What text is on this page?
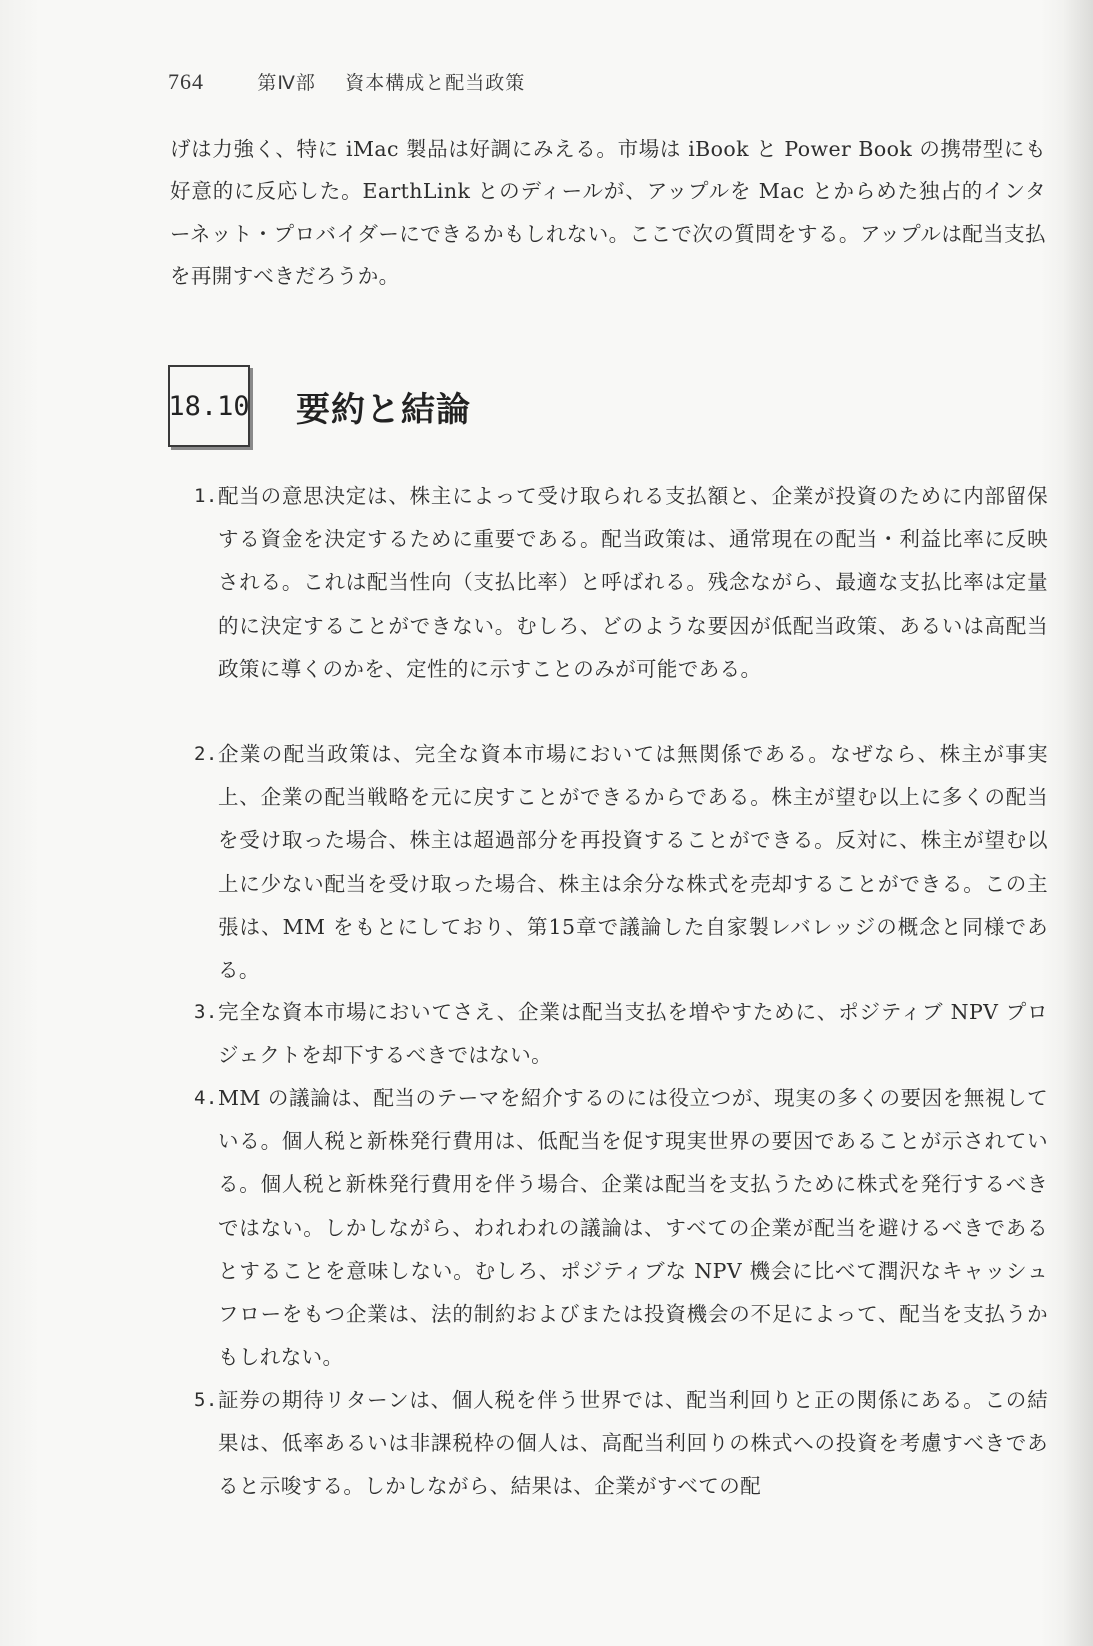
764	第Ⅳ部 資本構成と配当政策
げは力強く、特に iMac 製品は好調にみえる。市場は iBook と Power Book の携帯型にも好意的に反応した。EarthLink とのディールが、アップルを Mac とからめた独占的インターネット・プロバイダーにできるかもしれない。ここで次の質問をする。アップルは配当支払を再開すべきだろうか。
18.10 要約と結論
1. 配当の意思決定は、株主によって受け取られる支払額と、企業が投資のために内部留保する資金を決定するために重要である。配当政策は、通常現在の配当・利益比率に反映される。これは配当性向（支払比率）と呼ばれる。残念ながら、最適な支払比率は定量的に決定することができない。むしろ、どのような要因が低配当政策、あるいは高配当政策に導くのかを、定性的に示すことのみが可能である。
2. 企業の配当政策は、完全な資本市場においては無関係である。なぜなら、株主が事実上、企業の配当戦略を元に戻すことができるからである。株主が望む以上に多くの配当を受け取った場合、株主は超過部分を再投資することができる。反対に、株主が望む以上に少ない配当を受け取った場合、株主は余分な株式を売却することができる。この主張は、MM をもとにしており、第15章で議論した自家製レバレッジの概念と同様である。
3. 完全な資本市場においてさえ、企業は配当支払を増やすために、ポジティブ NPV プロジェクトを却下するべきではない。
4. MM の議論は、配当のテーマを紹介するのには役立つが、現実の多くの要因を無視している。個人税と新株発行費用は、低配当を促す現実世界の要因であることが示されている。個人税と新株発行費用を伴う場合、企業は配当を支払うために株式を発行するべきではない。しかしながら、われわれの議論は、すべての企業が配当を避けるべきであるとすることを意味しない。むしろ、ポジティブな NPV 機会に比べて潤沢なキャッシュフローをもつ企業は、法的制約およびまたは投資機会の不足によって、配当を支払うかもしれない。
5. 証券の期待リターンは、個人税を伴う世界では、配当利回りと正の関係にある。この結果は、低率あるいは非課税枠の個人は、高配当利回りの株式への投資を考慮すべきであると示唆する。しかしながら、結果は、企業がすべての配
